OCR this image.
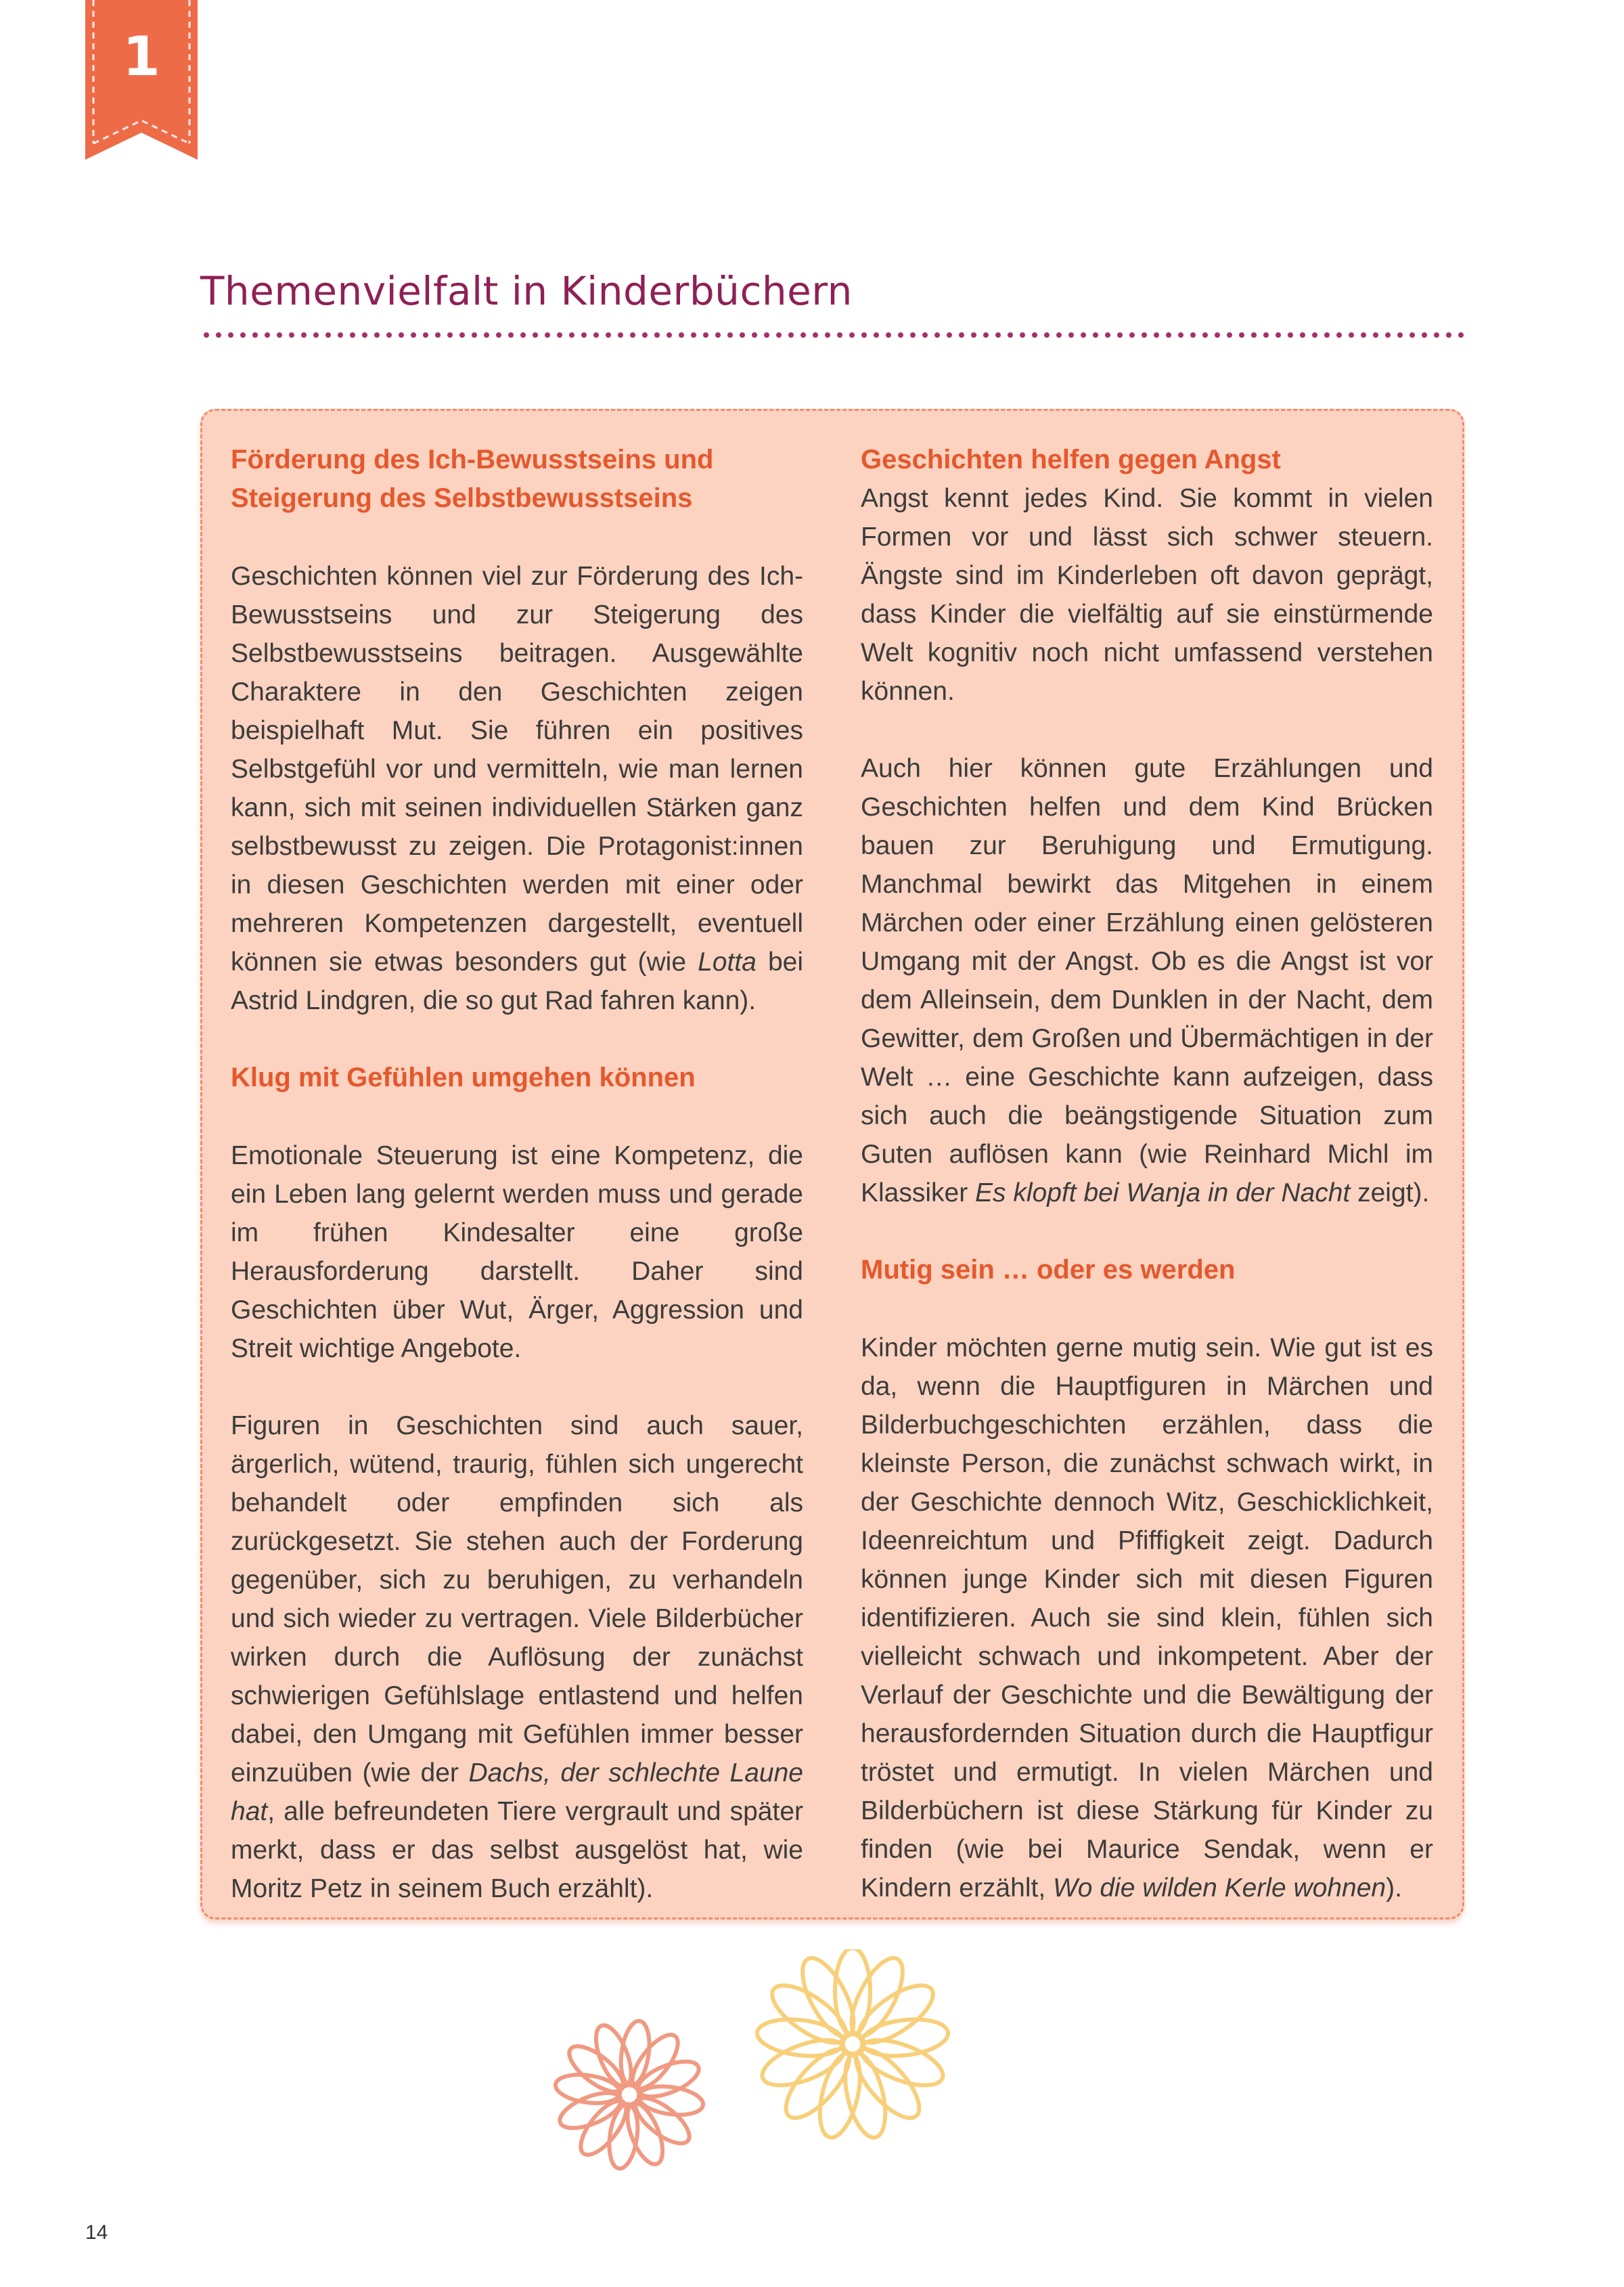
1
Themenvielfalt in Kinderbüchern
Förderung des Ich-Bewusstseins und Steigerung des Selbstbewusstseins

Geschichten können viel zur Förderung des Ich-Bewusstseins und zur Steigerung des Selbstbewusstseins beitragen. Ausgewählte Charaktere in den Geschichten zeigen beispielhaft Mut. Sie führen ein positives Selbstgefühl vor und vermitteln, wie man lernen kann, sich mit seinen individuellen Stärken ganz selbstbewusst zu zeigen. Die Protagonist:innen in diesen Geschichten werden mit einer oder mehreren Kompetenzen dargestellt, eventuell können sie etwas besonders gut (wie Lotta bei Astrid Lindgren, die so gut Rad fahren kann).

Klug mit Gefühlen umgehen können

Emotionale Steuerung ist eine Kompetenz, die ein Leben lang gelernt werden muss und gerade im frühen Kindesalter eine große Herausforderung darstellt. Daher sind Geschichten über Wut, Ärger, Aggression und Streit wichtige Angebote.

Figuren in Geschichten sind auch sauer, ärgerlich, wütend, traurig, fühlen sich ungerecht behandelt oder empfinden sich als zurückgesetzt. Sie stehen auch der Forderung gegenüber, sich zu beruhigen, zu verhandeln und sich wieder zu vertragen. Viele Bilderbücher wirken durch die Auflösung der zunächst schwierigen Gefühlslage entlastend und helfen dabei, den Umgang mit Gefühlen immer besser einzuüben (wie der Dachs, der schlechte Laune hat, alle befreundeten Tiere vergrault und später merkt, dass er das selbst ausgelöst hat, wie Moritz Petz in seinem Buch erzählt).

Geschichten helfen gegen Angst

Angst kennt jedes Kind. Sie kommt in vielen Formen vor und lässt sich schwer steuern. Ängste sind im Kinderleben oft davon geprägt, dass Kinder die vielfältig auf sie einstürmende Welt kognitiv noch nicht umfassend verstehen können.

Auch hier können gute Erzählungen und Geschichten helfen und dem Kind Brücken bauen zur Beruhigung und Ermutigung. Manchmal bewirkt das Mitgehen in einem Märchen oder einer Erzählung einen gelösteren Umgang mit der Angst. Ob es die Angst ist vor dem Alleinsein, dem Dunklen in der Nacht, dem Gewitter, dem Großen und Übermächtigen in der Welt … eine Geschichte kann aufzeigen, dass sich auch die beängstigende Situation zum Guten auflösen kann (wie Reinhard Michl im Klassiker Es klopft bei Wanja in der Nacht zeigt).

Mutig sein … oder es werden

Kinder möchten gerne mutig sein. Wie gut ist es da, wenn die Hauptfiguren in Märchen und Bilderbuchgeschichten erzählen, dass die kleinste Person, die zunächst schwach wirkt, in der Geschichte dennoch Witz, Geschicklichkeit, Ideenreichtum und Pfiffigkeit zeigt. Dadurch können junge Kinder sich mit diesen Figuren identifizieren. Auch sie sind klein, fühlen sich vielleicht schwach und inkompetent. Aber der Verlauf der Geschichte und die Bewältigung der herausfordernden Situation durch die Hauptfigur tröstet und ermutigt. In vielen Märchen und Bilderbüchern ist diese Stärkung für Kinder zu finden (wie bei Maurice Sendak, wenn er Kindern erzählt, Wo die wilden Kerle wohnen).

14
